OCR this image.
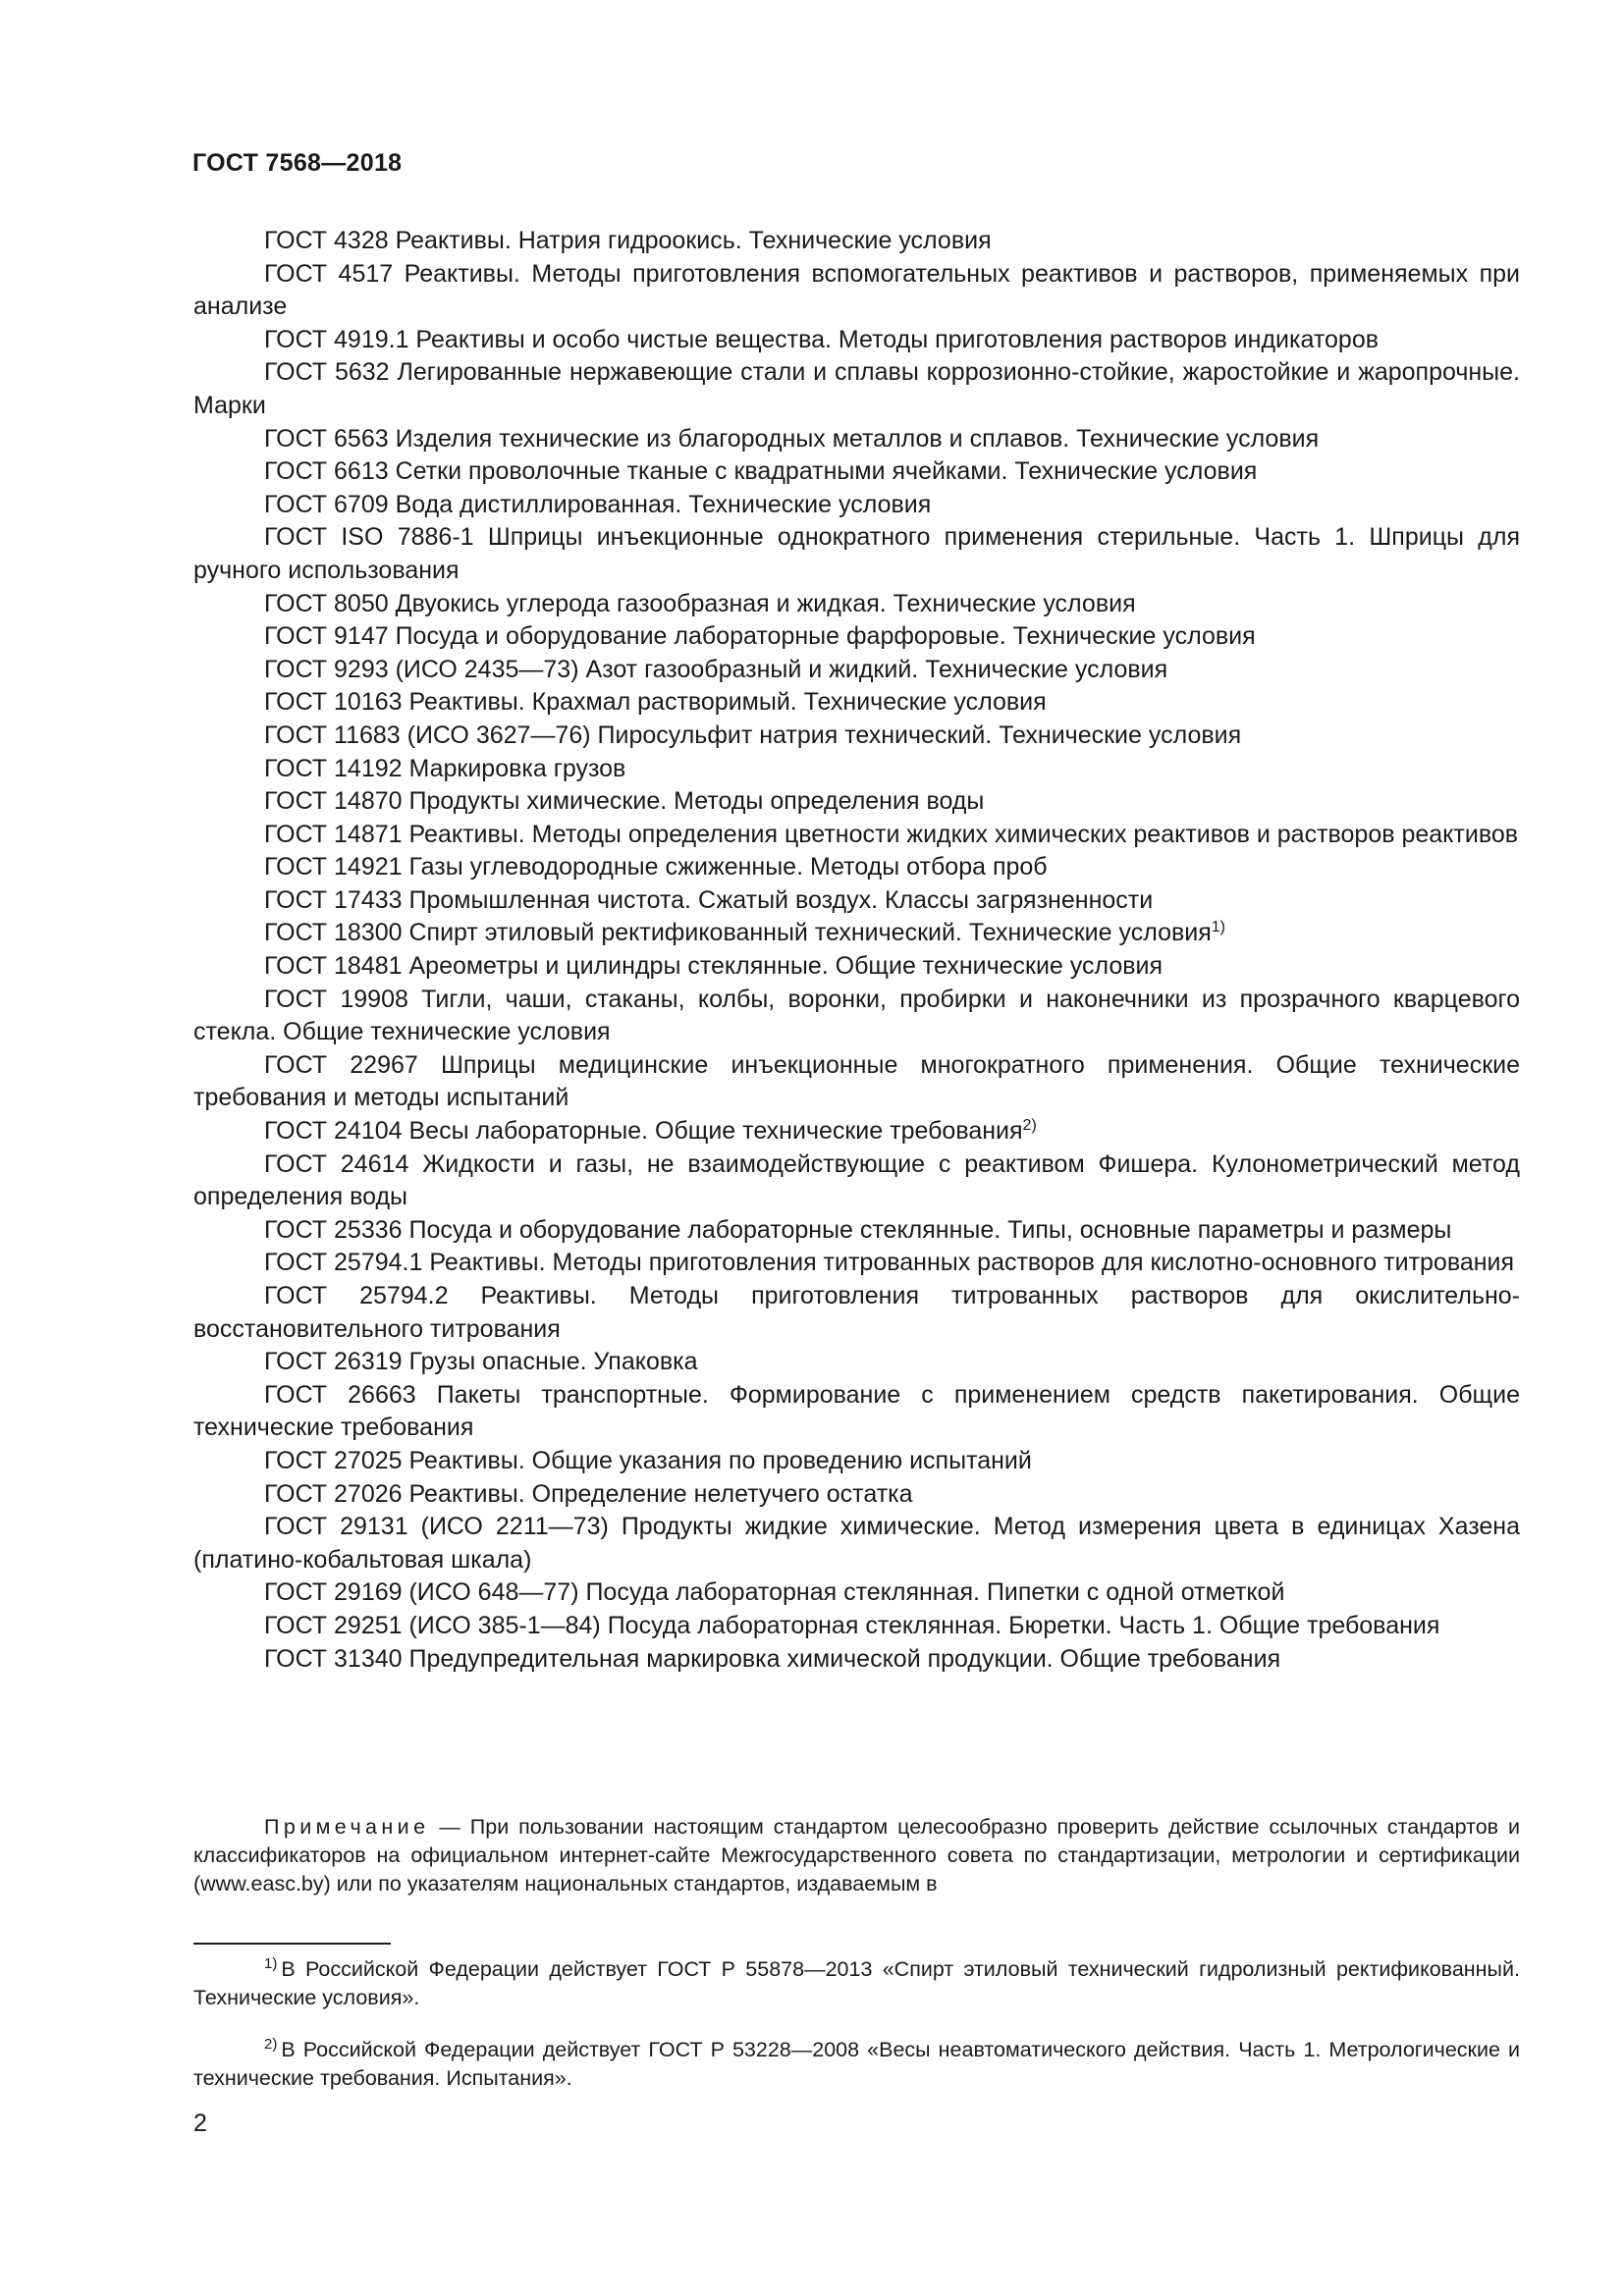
ГОСТ 7568—2018

ГОСТ 4328 Реактивы. Натрия гидроокись. Технические условия

ГОСТ 4517 Реактивы. Методы приготовления вспомогательных реактивов и растворов, применяемых при анализе

ГОСТ 4919.1 Реактивы и особо чистые вещества. Методы приготовления растворов индикаторов

ГОСТ 5632 Легированные нержавеющие стали и сплавы коррозионно-стойкие, жаростойкие и жаропрочные. Марки

ГОСТ 6563 Изделия технические из благородных металлов и сплавов. Технические условия

ГОСТ 6613 Сетки проволочные тканые с квадратными ячейками. Технические условия

ГОСТ 6709 Вода дистиллированная. Технические условия

ГОСТ ISO 7886-1 Шприцы инъекционные однократного применения стерильные. Часть 1. Шприцы для ручного использования

ГОСТ 8050 Двуокись углерода газообразная и жидкая. Технические условия

ГОСТ 9147 Посуда и оборудование лабораторные фарфоровые. Технические условия

ГОСТ 9293 (ИСО 2435—73) Азот газообразный и жидкий. Технические условия

ГОСТ 10163 Реактивы. Крахмал растворимый. Технические условия

ГОСТ 11683 (ИСО 3627—76) Пиросульфит натрия технический. Технические условия

ГОСТ 14192 Маркировка грузов

ГОСТ 14870 Продукты химические. Методы определения воды

ГОСТ 14871 Реактивы. Методы определения цветности жидких химических реактивов и растворов реактивов

ГОСТ 14921 Газы углеводородные сжиженные. Методы отбора проб

ГОСТ 17433 Промышленная чистота. Сжатый воздух. Классы загрязненности

ГОСТ 18300 Спирт этиловый ректификованный технический. Технические условия$^{1)}$

ГОСТ 18481 Ареометры и цилиндры стеклянные. Общие технические условия

ГОСТ 19908 Тигли, чаши, стаканы, колбы, воронки, пробирки и наконечники из прозрачного кварцевого стекла. Общие технические условия

ГОСТ 22967 Шприцы медицинские инъекционные многократного применения. Общие технические требования и методы испытаний

ГОСТ 24104 Весы лабораторные. Общие технические требования$^{2)}$

ГОСТ 24614 Жидкости и газы, не взаимодействующие с реактивом Фишера. Кулонометрический метод определения воды

ГОСТ 25336 Посуда и оборудование лабораторные стеклянные. Типы, основные параметры и размеры

ГОСТ 25794.1 Реактивы. Методы приготовления титрованных растворов для кислотно-основного титрования

ГОСТ 25794.2 Реактивы. Методы приготовления титрованных растворов для окислительно-восстановительного титрования

ГОСТ 26319 Грузы опасные. Упаковка

ГОСТ 26663 Пакеты транспортные. Формирование с применением средств пакетирования. Общие технические требования

ГОСТ 27025 Реактивы. Общие указания по проведению испытаний

ГОСТ 27026 Реактивы. Определение нелетучего остатка

ГОСТ 29131 (ИСО 2211—73) Продукты жидкие химические. Метод измерения цвета в единицах Хазена (платино-кобальтовая шкала)

ГОСТ 29169 (ИСО 648—77) Посуда лабораторная стеклянная. Пипетки с одной отметкой

ГОСТ 29251 (ИСО 385-1—84) Посуда лабораторная стеклянная. Бюретки. Часть 1. Общие требования

ГОСТ 31340 Предупредительная маркировка химической продукции. Общие требования

Примечание — При пользовании настоящим стандартом целесообразно проверить действие ссылочных стандартов и классификаторов на официальном интернет-сайте Межгосударственного совета по стандартизации, метрологии и сертификации (www.easc.by) или по указателям национальных стандартов, издаваемым в

$^{1)}$ В Российской Федерации действует ГОСТ Р 55878—2013 «Спирт этиловый технический гидролизный ректификованный. Технические условия».

$^{2)}$ В Российской Федерации действует ГОСТ Р 53228—2008 «Весы неавтоматического действия. Часть 1. Метрологические и технические требования. Испытания».

2
